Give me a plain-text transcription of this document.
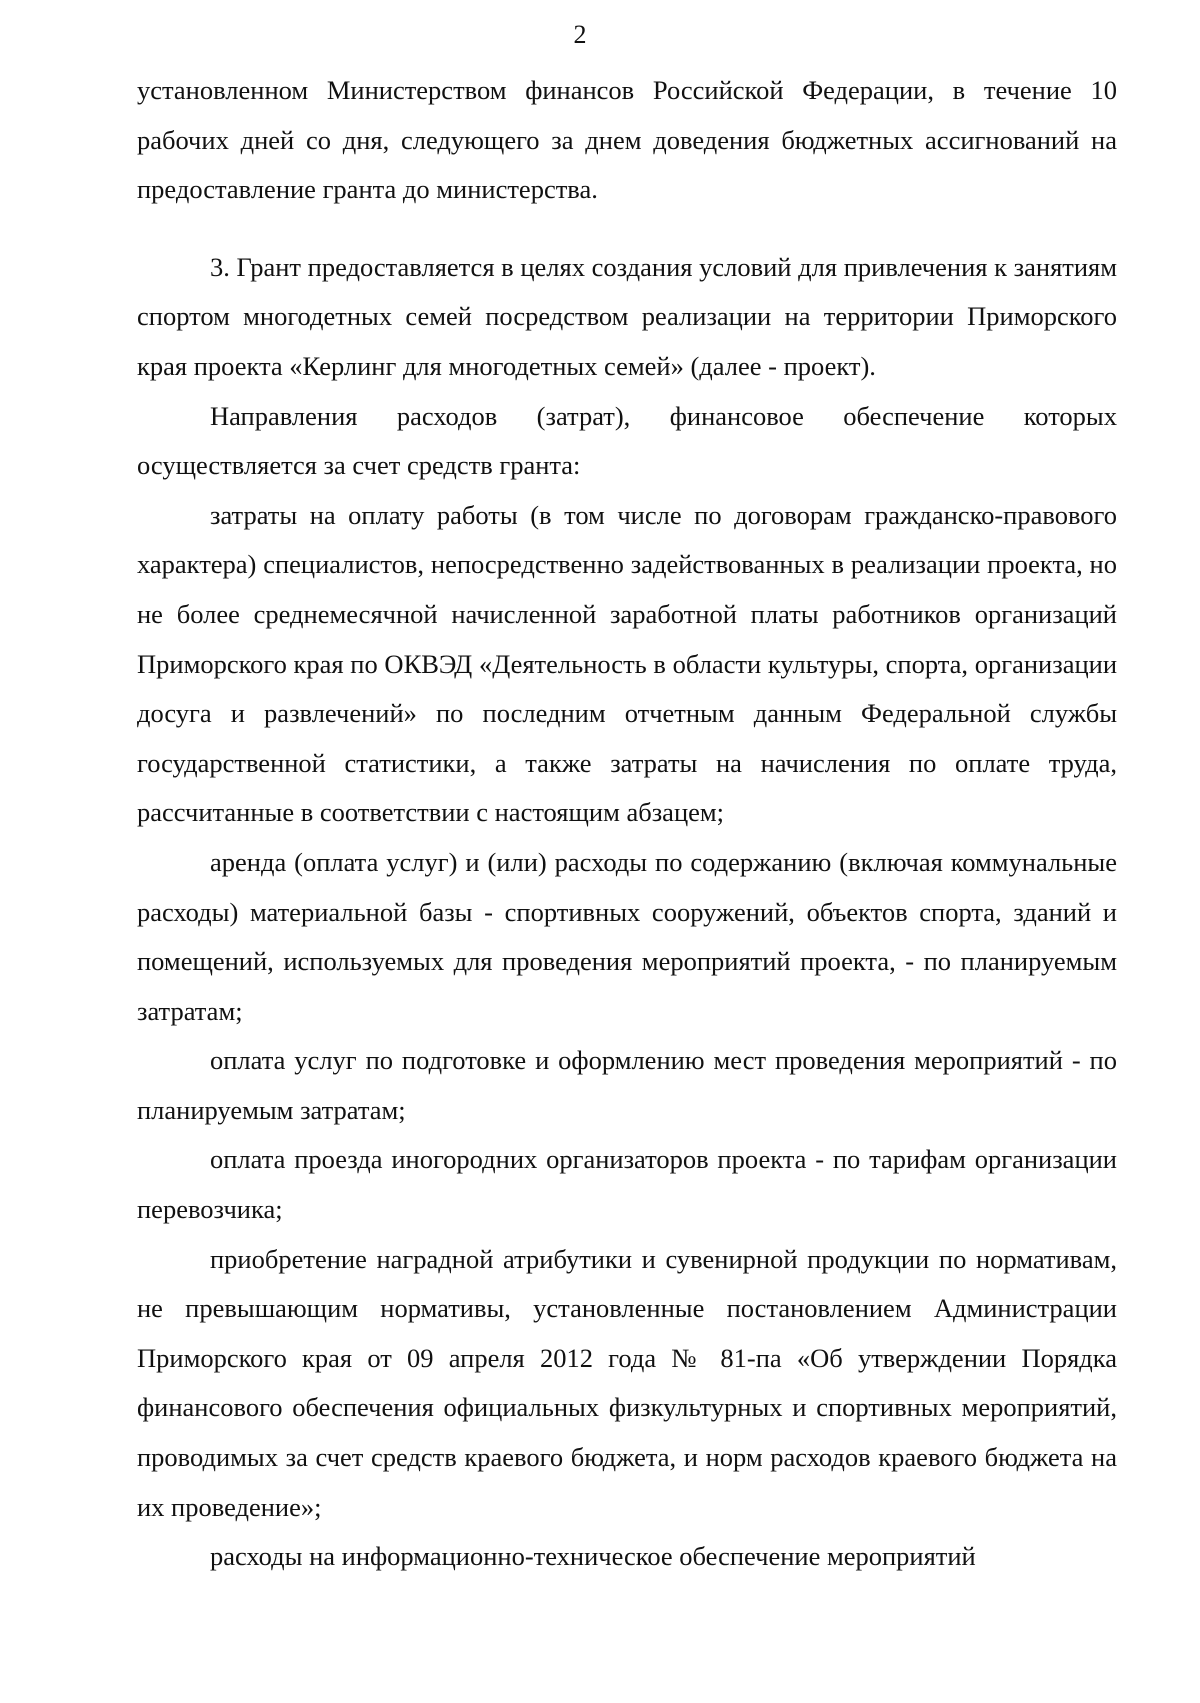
2

установленном Министерством финансов Российской Федерации, в течение 10 рабочих дней со дня, следующего за днем доведения бюджетных ассигнований на предоставление гранта до министерства.

3. Грант предоставляется в целях создания условий для привлечения к занятиям спортом многодетных семей посредством реализации на территории Приморского края проекта «Керлинг для многодетных семей» (далее - проект).

Направления расходов (затрат), финансовое обеспечение которых осуществляется за счет средств гранта:

затраты на оплату работы (в том числе по договорам гражданско-правового характера) специалистов, непосредственно задействованных в реализации проекта, но не более среднемесячной начисленной заработной платы работников организаций Приморского края по ОКВЭД «Деятельность в области культуры, спорта, организации досуга и развлечений» по последним отчетным данным Федеральной службы государственной статистики, а также затраты на начисления по оплате труда, рассчитанные в соответствии с настоящим абзацем;

аренда (оплата услуг) и (или) расходы по содержанию (включая коммунальные расходы) материальной базы - спортивных сооружений, объектов спорта, зданий и помещений, используемых для проведения мероприятий проекта, - по планируемым затратам;

оплата услуг по подготовке и оформлению мест проведения мероприятий - по планируемым затратам;

оплата проезда иногородних организаторов проекта - по тарифам организации перевозчика;

приобретение наградной атрибутики и сувенирной продукции по нормативам, не превышающим нормативы, установленные постановлением Администрации Приморского края от 09 апреля 2012 года № 81-па «Об утверждении Порядка финансового обеспечения официальных физкультурных и спортивных мероприятий, проводимых за счет средств краевого бюджета, и норм расходов краевого бюджета на их проведение»;

расходы на информационно-техническое обеспечение мероприятий
